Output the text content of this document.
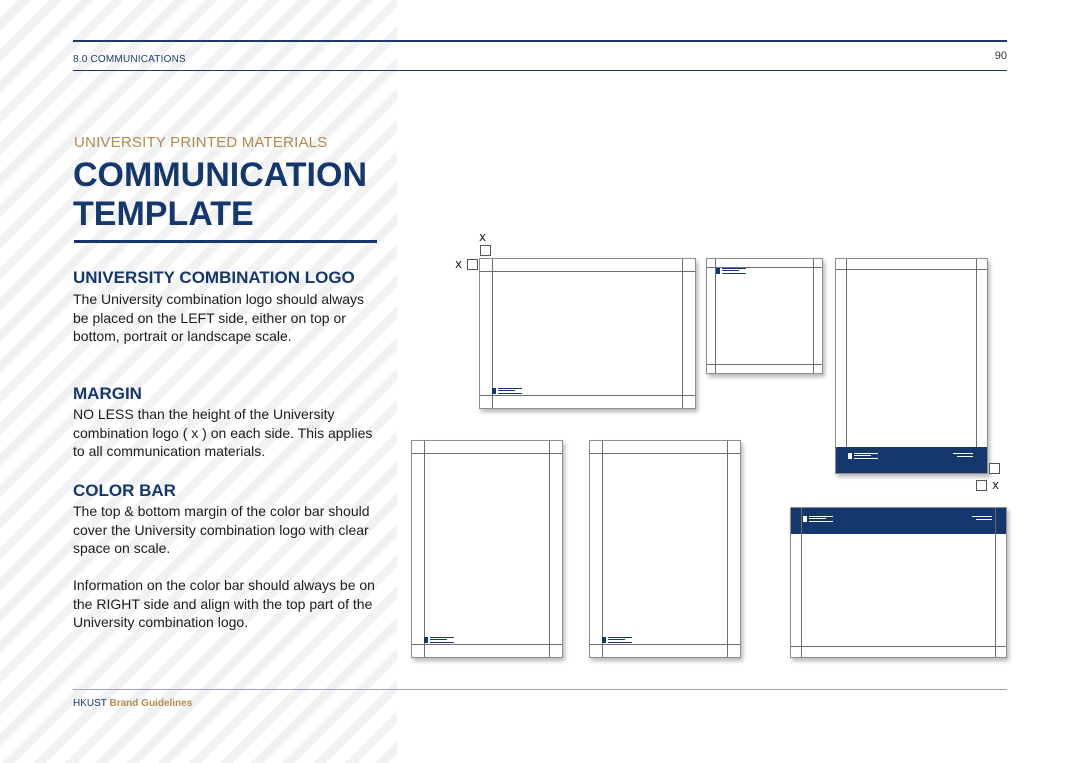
8.0 COMMUNICATIONS	90
UNIVERSITY PRINTED MATERIALS
COMMUNICATION
TEMPLATE
UNIVERSITY COMBINATION LOGO
The University combination logo should always be placed on the LEFT side, either on top or bottom, portrait or landscape scale.
MARGIN
NO LESS than the height of the University combination logo ( x ) on each side. This applies to all communication materials.
COLOR BAR
The top & bottom margin of the color bar should cover the University combination logo with clear space on scale.
Information on the color bar should always be on the RIGHT side and align with the top part of the University combination logo.
x
x
x
HKUST Brand Guidelines
